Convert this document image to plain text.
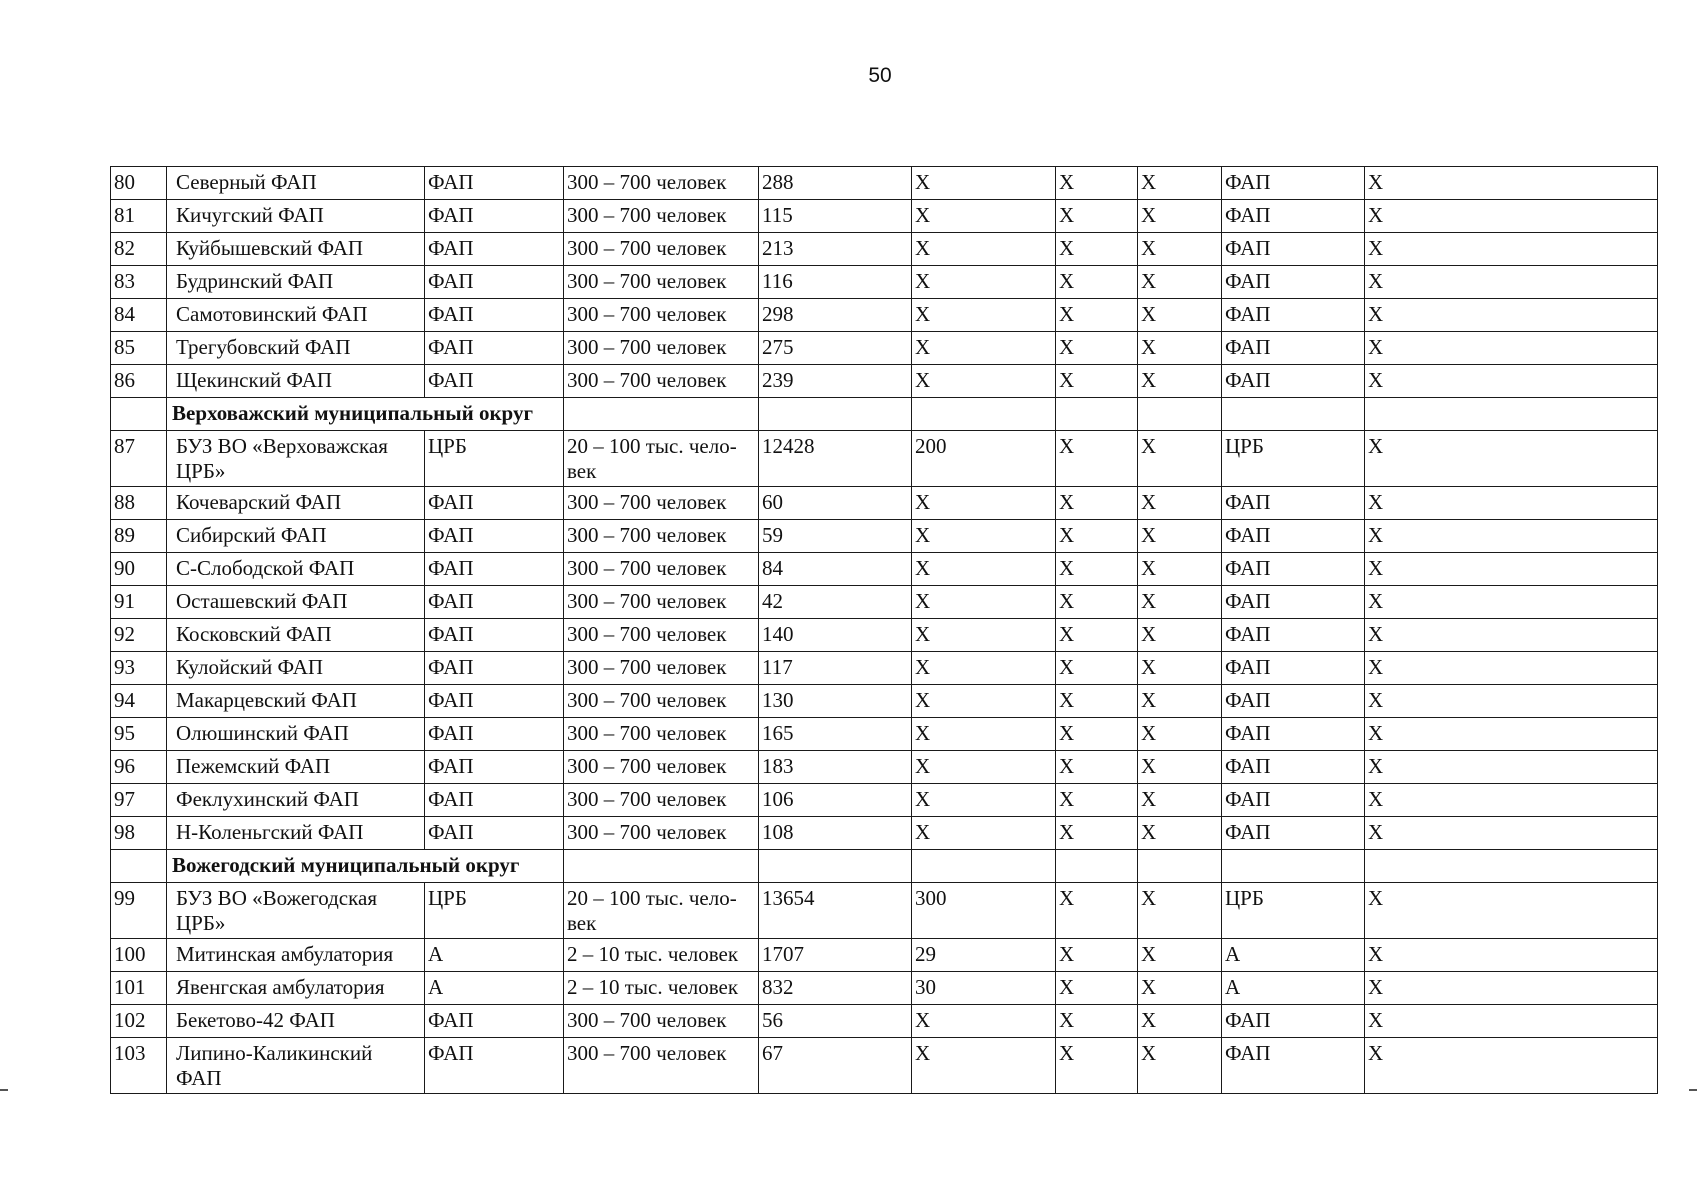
50
80	Северный ФАП	ФАП	300 – 700 человек	288	X	X	X	ФАП	X
81	Кичугский ФАП	ФАП	300 – 700 человек	115	X	X	X	ФАП	X
82	Куйбышевский ФАП	ФАП	300 – 700 человек	213	X	X	X	ФАП	X
83	Будринский ФАП	ФАП	300 – 700 человек	116	X	X	X	ФАП	X
84	Самотовинский ФАП	ФАП	300 – 700 человек	298	X	X	X	ФАП	X
85	Трегубовский ФАП	ФАП	300 – 700 человек	275	X	X	X	ФАП	X
86	Щекинский ФАП	ФАП	300 – 700 человек	239	X	X	X	ФАП	X
	Верховажский муниципальный округ								
87	БУЗ ВО «Верховажская ЦРБ»	ЦРБ	20 – 100 тыс. чело-век	12428	200	X	X	ЦРБ	X
88	Кочеварский ФАП	ФАП	300 – 700 человек	60	X	X	X	ФАП	X
89	Сибирский ФАП	ФАП	300 – 700 человек	59	X	X	X	ФАП	X
90	С-Слободской ФАП	ФАП	300 – 700 человек	84	X	X	X	ФАП	X
91	Осташевский ФАП	ФАП	300 – 700 человек	42	X	X	X	ФАП	X
92	Косковский ФАП	ФАП	300 – 700 человек	140	X	X	X	ФАП	X
93	Кулойский ФАП	ФАП	300 – 700 человек	117	X	X	X	ФАП	X
94	Макарцевский ФАП	ФАП	300 – 700 человек	130	X	X	X	ФАП	X
95	Олюшинский ФАП	ФАП	300 – 700 человек	165	X	X	X	ФАП	X
96	Пежемский ФАП	ФАП	300 – 700 человек	183	X	X	X	ФАП	X
97	Феклухинский ФАП	ФАП	300 – 700 человек	106	X	X	X	ФАП	X
98	Н-Коленьгский ФАП	ФАП	300 – 700 человек	108	X	X	X	ФАП	X
	Вожегодский муниципальный округ								
99	БУЗ ВО «Вожегодская ЦРБ»	ЦРБ	20 – 100 тыс. чело-век	13654	300	X	X	ЦРБ	X
100	Митинская амбулатория	А	2 – 10 тыс. человек	1707	29	X	X	А	X
101	Явенгская амбулатория	А	2 – 10 тыс. человек	832	30	X	X	А	X
102	Бекетово-42 ФАП	ФАП	300 – 700 человек	56	X	X	X	ФАП	X
103	Липино-Каликинский ФАП	ФАП	300 – 700 человек	67	X	X	X	ФАП	X
